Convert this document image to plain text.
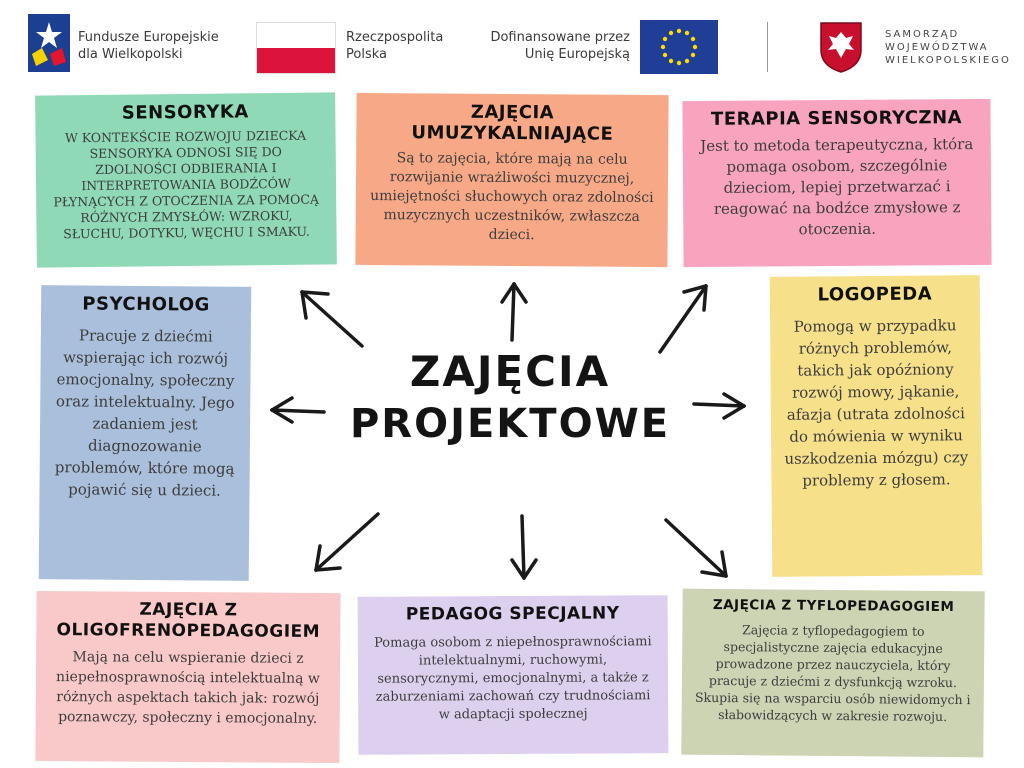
Fundusze Europejskie
dla Wielkopolski
Rzeczpospolita
Polska
Dofinansowane przez
Unię Europejską
SAMORZĄD
WOJEWÓDZTWA
WIELKOPOLSKIEGO
SENSORYKA

W KONTEKŚCIE ROZWOJU DZIECKA SENSORYKA ODNOSI SIĘ DO ZDOLNOŚCI ODBIERANIA I INTERPRETOWANIA BODŹCÓW PŁYNĄCYCH Z OTOCZENIA ZA POMOCĄ RÓŻNYCH ZMYSŁÓW: WZROKU, SŁUCHU, DOTYKU, WĘCHU I SMAKU.

ZAJĘCIA
UMUZYKALNIAJĄCE

Są to zajęcia, które mają na celu rozwijanie wrażliwości muzycznej, umiejętności słuchowych oraz zdolności muzycznych uczestników, zwłaszcza dzieci.

TERAPIA SENSORYCZNA

Jest to metoda terapeutyczna, która pomaga osobom, szczególnie dzieciom, lepiej przetwarzać i reagować na bodźce zmysłowe z otoczenia.

PSYCHOLOG

Pracuje z dziećmi wspierając ich rozwój emocjonalny, społeczny oraz intelektualny. Jego zadaniem jest diagnozowanie problemów, które mogą pojawić się u dzieci.

LOGOPEDA

Pomogą w przypadku różnych problemów, takich jak opóźniony rozwój mowy, jąkanie, afazja (utrata zdolności do mówienia w wyniku uszkodzenia mózgu) czy problemy z głosem.

ZAJĘCIA Z
OLIGOFRENOPEDAGOGIEM

Mają na celu wspieranie dzieci z niepełnosprawnością intelektualną w różnych aspektach takich jak: rozwój poznawczy, społeczny i emocjonalny.

PEDAGOG SPECJALNY

Pomaga osobom z niepełnosprawnościami intelektualnymi, ruchowymi, sensorycznymi, emocjonalnymi, a także z zaburzeniami zachowań czy trudnościami w adaptacji społecznej

ZAJĘCIA Z TYFLOPEDAGOGIEM

Zajęcia z tyflopedagogiem to specjalistyczne zajęcia edukacyjne prowadzone przez nauczyciela, który pracuje z dziećmi z dysfunkcją wzroku. Skupia się na wsparciu osób niewidomych i słabowidzących w zakresie rozwoju.

ZAJĘCIA
PROJEKTOWE
